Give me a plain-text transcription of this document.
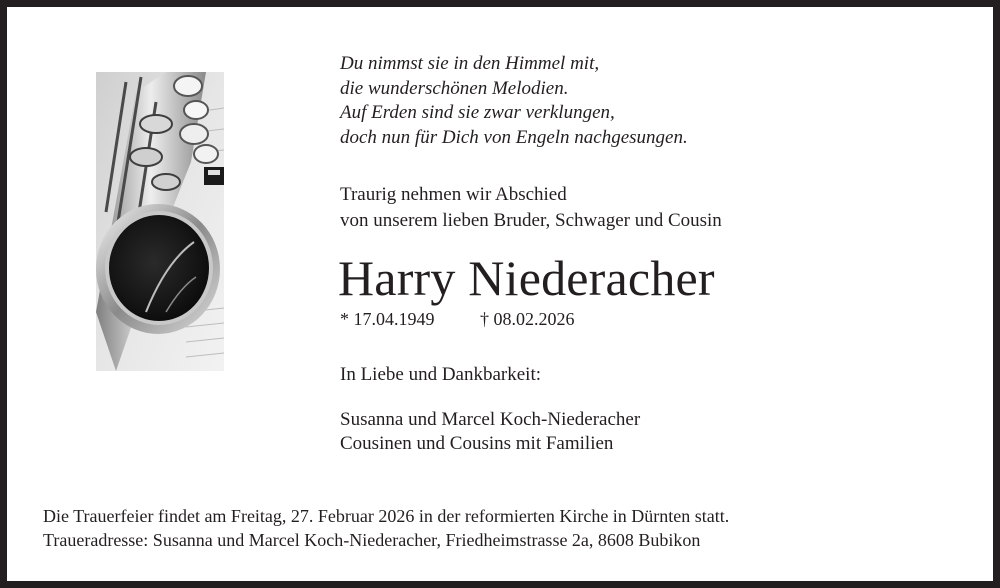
Du nimmst sie in den Himmel mit,
die wunderschönen Melodien.
Auf Erden sind sie zwar verklungen,
doch nun für Dich von Engeln nachgesungen.
Traurig nehmen wir Abschied
von unserem lieben Bruder, Schwager und Cousin
Harry Niederacher
* 17.04.1949	† 08.02.2026
In Liebe und Dankbarkeit:
Susanna und Marcel Koch-Niederacher
Cousinen und Cousins mit Familien
Die Trauerfeier findet am Freitag, 27. Februar 2026 in der reformierten Kirche in Dürnten statt.
Traueradresse: Susanna und Marcel Koch-Niederacher, Friedheimstrasse 2a, 8608 Bubikon
